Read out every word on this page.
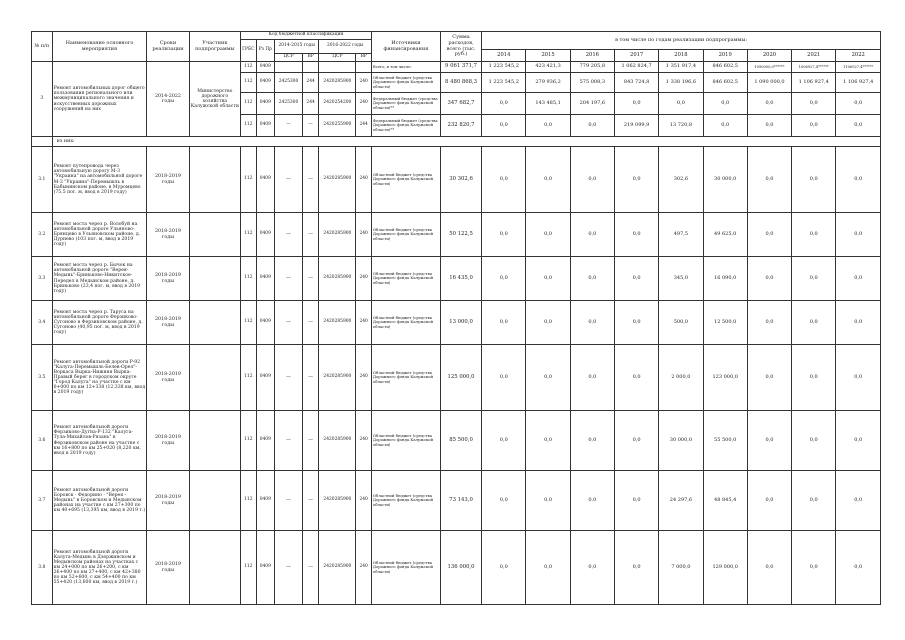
№ п/п	Наименование основного мероприятия	Сроки реализации	Участник подпрограммы	Код бюджетной классификации						Источники финансирования	Сумма расходов, всего (тыс. руб.)	в том числе по годам реализации подпрограммы:								
				ГРБС	Рз Пр	2014-2015 годы		2016-2022 годы												
												2014	2015	2016	2017	2018	2019	2020	2021	2022
						ЦСР	ВР	ЦСР	ВР											
3	Ремонт автомобильных дорог общего пользования регионального или межмуниципального значения и искусственных дорожных сооружений на них	2014-2022 годы	Министерство дорожного хозяйства Калужской области	112	0409					Всего, в том числе:	9 061 371,7	1 223 545,2	423 421,3	779 205,8	1 062 824,7	1 351 917,4	846 602,5	1090000,0******	1006927,4******	1106927,4******
				112	0409	2425300	244	2420285900	240	Областной бюджет (средства Дорожного фонда Калужской области)	8 480 868,3	1 223 545,2	279 936,2	575 008,3	843 724,8	1 338 196,6	846 602,5	1 090 000,0	1 106 927,4	1 106 927,4
				112	0409	2425300	244	2420254200	240	Федеральный бюджет (средства Дорожного фонда Калужской области)**	347 682,7	0,0	143 485,1	204 197,6	0,0	0,0	0,0	0,0	0,0	0,0
				112	0409	—	—	2420255900	244	Федеральный бюджет (средства Дорожного фонда Калужской области)**	232 820,7	0,0	0,0	0,0	219 099,9	13 720,8	0,0	0,0	0,0	0,0
	из них:																			
3.1	Ремонт путепровода через автомобильную дорогу М-3 "Украина" на автомобильной дороге М-3 "Украина"-Перемышль в Бабынинском районе, в Муромцево (75,5 пог. м, ввод в 2019 году)	2018-2019 годы		112	0409	—	—	2420285900	240	Областной бюджет (средства Дорожного фонда Калужской области)	30 302,6	0,0	0,0	0,0	0,0	302,6	30 000,0	0,0	0,0	0,0
3.2	Ремонт моста через р. Волобуй на автомобильной дороге Ульяново-Брянцево в Ульяновском районе, д. Дурнево (103 пог. м, ввод в 2019 году)	2018-2019 годы		112	0409	—	—	2420285900	240	Областной бюджет (средства Дорожного фонда Калужской области)	50 122,5	0,0	0,0	0,0	0,0	497,5	49 625,0	0,0	0,0	0,0
3.3	Ремонт моста через р. Бычок на автомобильной дороге "Верея-Медынь"-Бриньково-Никитское-Передел в Медынском районе, д. Бриньково (23,4 пог. м, ввод в 2019 году)	2018-2019 годы		112	0409	—	—	2420285900	240	Областной бюджет (средства Дорожного фонда Калужской области)	16 435,0	0,0	0,0	0,0	0,0	345,0	16 090,0	0,0	0,0	0,0
3.4	Ремонт моста через р. Таруса на автомобильной дороге Ферзиково-Сугоново в Ферзиковском районе, д. Сугоново (40,95 пог. м, ввод в 2019 году)	2018-2019 годы		112	0409	—	—	2420285900	240	Областной бюджет (средства Дорожного фонда Калужской области)	13 000,0	0,0	0,0	0,0	0,0	500,0	12 500,0	0,0	0,0	0,0
3.5	Ремонт автомобильной дороги Р-92 "Калуга-Перемышль-Белев-Орел"-Воркаса Вырка-Нижняя Вырка-Правый берег в городском округе "Город Калуга" на участке с км 0+000 по км 12+338 (12,338 км, ввод в 2019 году)	2018-2019 годы		112	0409	—	—	2420285900	240	Областной бюджет (средства Дорожного фонда Калужской области)	125 000,0	0,0	0,0	0,0	0,0	2 000,0	123 000,0	0,0	0,0	0,0
3.6	Ремонт автомобильной дороги Ферзиково-Дугна-Р-132 "Калуга-Тула-Михайлов-Рязань" в Ферзиковском районе на участке с км 16+800 по км 25+020 (8,220 км, ввод в 2019 году)	2018-2019 годы		112	0409	—	—	2420285900	240	Областной бюджет (средства Дорожного фонда Калужской области)	85 500,0	0,0	0,0	0,0	0,0	30 000,0	55 500,0	0,0	0,0	0,0
3.7	Ремонт автомобильной дороги Боровск - Федорино - "Верея - Медынь" в Боровском и Медынском районах на участке с км 27+300 по км 40+695 (13,395 км, ввод в 2019 г.)	2018-2019 годы		112	0409	—	—	2420285900	240	Областной бюджет (средства Дорожного фонда Калужской области)	73 143,0	0,0	0,0	0,0	0,0	24 297,6	48 845,4	0,0	0,0	0,0
3.8	Ремонт автомобильной дороги Калуга-Медынь в Дзержинском и Медынском районах на участках с км 24+000 по км 26+200, с км 26+400 по км 27+400, с км 42+380 по км 52+600, с км 54+400 по км 55+420 (13,600 км, ввод в 2019 г.)	2018-2019 годы		112	0409	—	—	2420285900	240	Областной бюджет (средства Дорожного фонда Калужской области)	136 000,0	0,0	0,0	0,0	0,0	7 000,0	129 000,0	0,0	0,0	0,0
